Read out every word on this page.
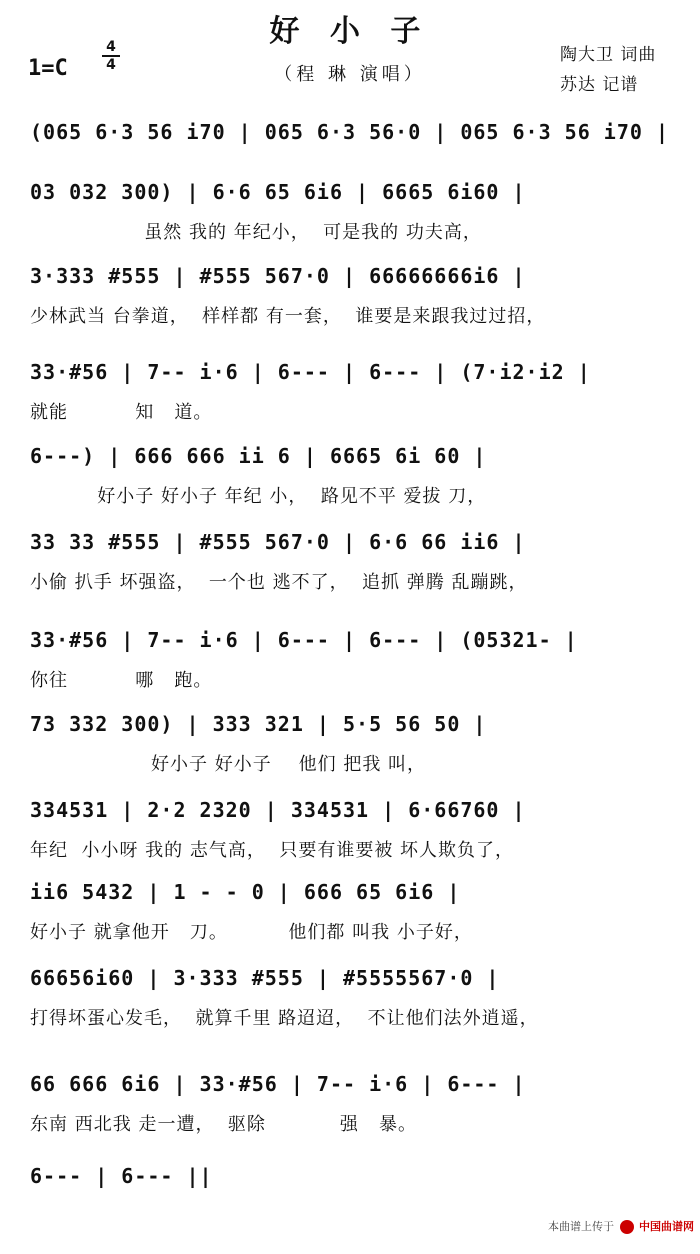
好 小 子
（程 琳 演唱）
1=C
4
4	陶大卫 词曲
苏达 记谱
(065 6·3 56 i70 | 065 6·3 56·0 | 065 6·3 56 i70 |
03 032 300) | 6·6 65 6i6 | 6665 6i60 |
虽然 我的 年纪小，  可是我的 功夫高，
3·333 #555 | #555 567·0 | 66666666i6 |
少林武当 台拳道，  样样都 有一套，  谁要是来跟我过过招，
33·#56 | 7-- i·6 | 6--- | 6--- | (7·i2·i2 |
就能          知   道。
6---) | 666 666 ii 6 | 6665 6i 60 |
好小子 好小子 年纪 小，  路见不平 爱拔 刀，
33 33 #555 | #555 567·0 | 6·6 66 ii6 |
小偷 扒手 坏强盗，  一个也 逃不了，  追抓 弹腾 乱蹦跳，
33·#56 | 7-- i·6 | 6--- | 6--- | (05321- |
你往          哪   跑。
73 332 300) | 333 321 | 5·5 56 50 |
好小子 好小子    他们 把我 叫，
334531 | 2·2 2320 | 334531 | 6·66760 |
年纪  小小呀 我的 志气高，  只要有谁要被 坏人欺负了，
ii6 5432 | 1 - - 0 | 666 65 6i6 |
好小子 就拿他开   刀。         他们都 叫我 小子好，
66656i60 | 3·333 #555 | #5555567·0 |
打得坏蛋心发毛，  就算千里 路迢迢，  不让他们法外逍遥，
66 666 6i6 | 33·#56 | 7-- i·6 | 6--- |
东南 西北我 走一遭，  驱除           强   暴。
6--- | 6--- ||
本曲谱上传于 中国曲谱网
